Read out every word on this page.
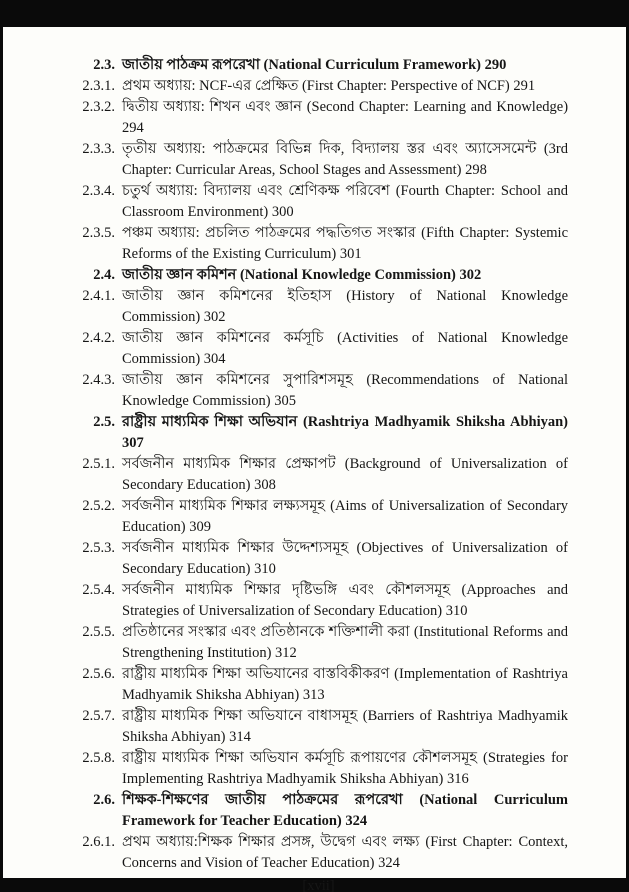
2.3. জাতীয় পাঠক্রম রূপরেখা (National Curriculum Framework) 290
2.3.1. প্রথম অধ্যায়: NCF-এর প্রেক্ষিত (First Chapter: Perspective of NCF) 291
2.3.2. দ্বিতীয় অধ্যায়: শিখন এবং জ্ঞান (Second Chapter: Learning and Knowledge) 294
2.3.3. তৃতীয় অধ্যায়: পাঠক্রমের বিভিন্ন দিক, বিদ্যালয় স্তর এবং অ্যাসেসমেন্ট (3rd Chapter: Curricular Areas, School Stages and Assessment) 298
2.3.4. চতুর্থ অধ্যায়: বিদ্যালয় এবং শ্রেণিকক্ষ পরিবেশ (Fourth Chapter: School and Classroom Environment) 300
2.3.5. পঞ্চম অধ্যায়: প্রচলিত পাঠক্রমের পদ্ধতিগত সংস্কার (Fifth Chapter: Systemic Reforms of the Existing Curriculum) 301
2.4. জাতীয় জ্ঞান কমিশন (National Knowledge Commission) 302
2.4.1. জাতীয় জ্ঞান কমিশনের ইতিহাস (History of National Knowledge Commission) 302
2.4.2. জাতীয় জ্ঞান কমিশনের কর্মসূচি (Activities of National Knowledge Commission) 304
2.4.3. জাতীয় জ্ঞান কমিশনের সুপারিশসমূহ (Recommendations of National Knowledge Commission) 305
2.5. রাষ্ট্রীয় মাধ্যমিক শিক্ষা অভিযান (Rashtriya Madhyamik Shiksha Abhiyan) 307
2.5.1. সর্বজনীন মাধ্যমিক শিক্ষার প্রেক্ষাপট (Background of Universalization of Secondary Education) 308
2.5.2. সর্বজনীন মাধ্যমিক শিক্ষার লক্ষ্যসমূহ (Aims of Universalization of Secondary Education) 309
2.5.3. সর্বজনীন মাধ্যমিক শিক্ষার উদ্দেশ্যসমূহ (Objectives of Universalization of Secondary Education) 310
2.5.4. সর্বজনীন মাধ্যমিক শিক্ষার দৃষ্টিভঙ্গি এবং কৌশলসমূহ (Approaches and Strategies of Universalization of Secondary Education) 310
2.5.5. প্রতিষ্ঠানের সংস্কার এবং প্রতিষ্ঠানকে শক্তিশালী করা (Institutional Reforms and Strengthening Institution) 312
2.5.6. রাষ্ট্রীয় মাধ্যমিক শিক্ষা অভিযানের বাস্তবিকীকরণ (Implementation of Rashtriya Madhyamik Shiksha Abhiyan) 313
2.5.7. রাষ্ট্রীয় মাধ্যমিক শিক্ষা অভিযানে বাধাসমূহ (Barriers of Rashtriya Madhyamik Shiksha Abhiyan) 314
2.5.8. রাষ্ট্রীয় মাধ্যমিক শিক্ষা অভিযান কর্মসূচি রূপায়ণের কৌশলসমূহ (Strategies for Implementing Rashtriya Madhyamik Shiksha Abhiyan) 316
2.6. শিক্ষক-শিক্ষণের জাতীয় পাঠক্রমের রূপরেখা (National Curriculum Framework for Teacher Education) 324
2.6.1. প্রথম অধ্যায়:শিক্ষক শিক্ষার প্রসঙ্গ, উদ্বেগ এবং লক্ষ্য (First Chapter: Context, Concerns and Vision of Teacher Education) 324
[xvii]
